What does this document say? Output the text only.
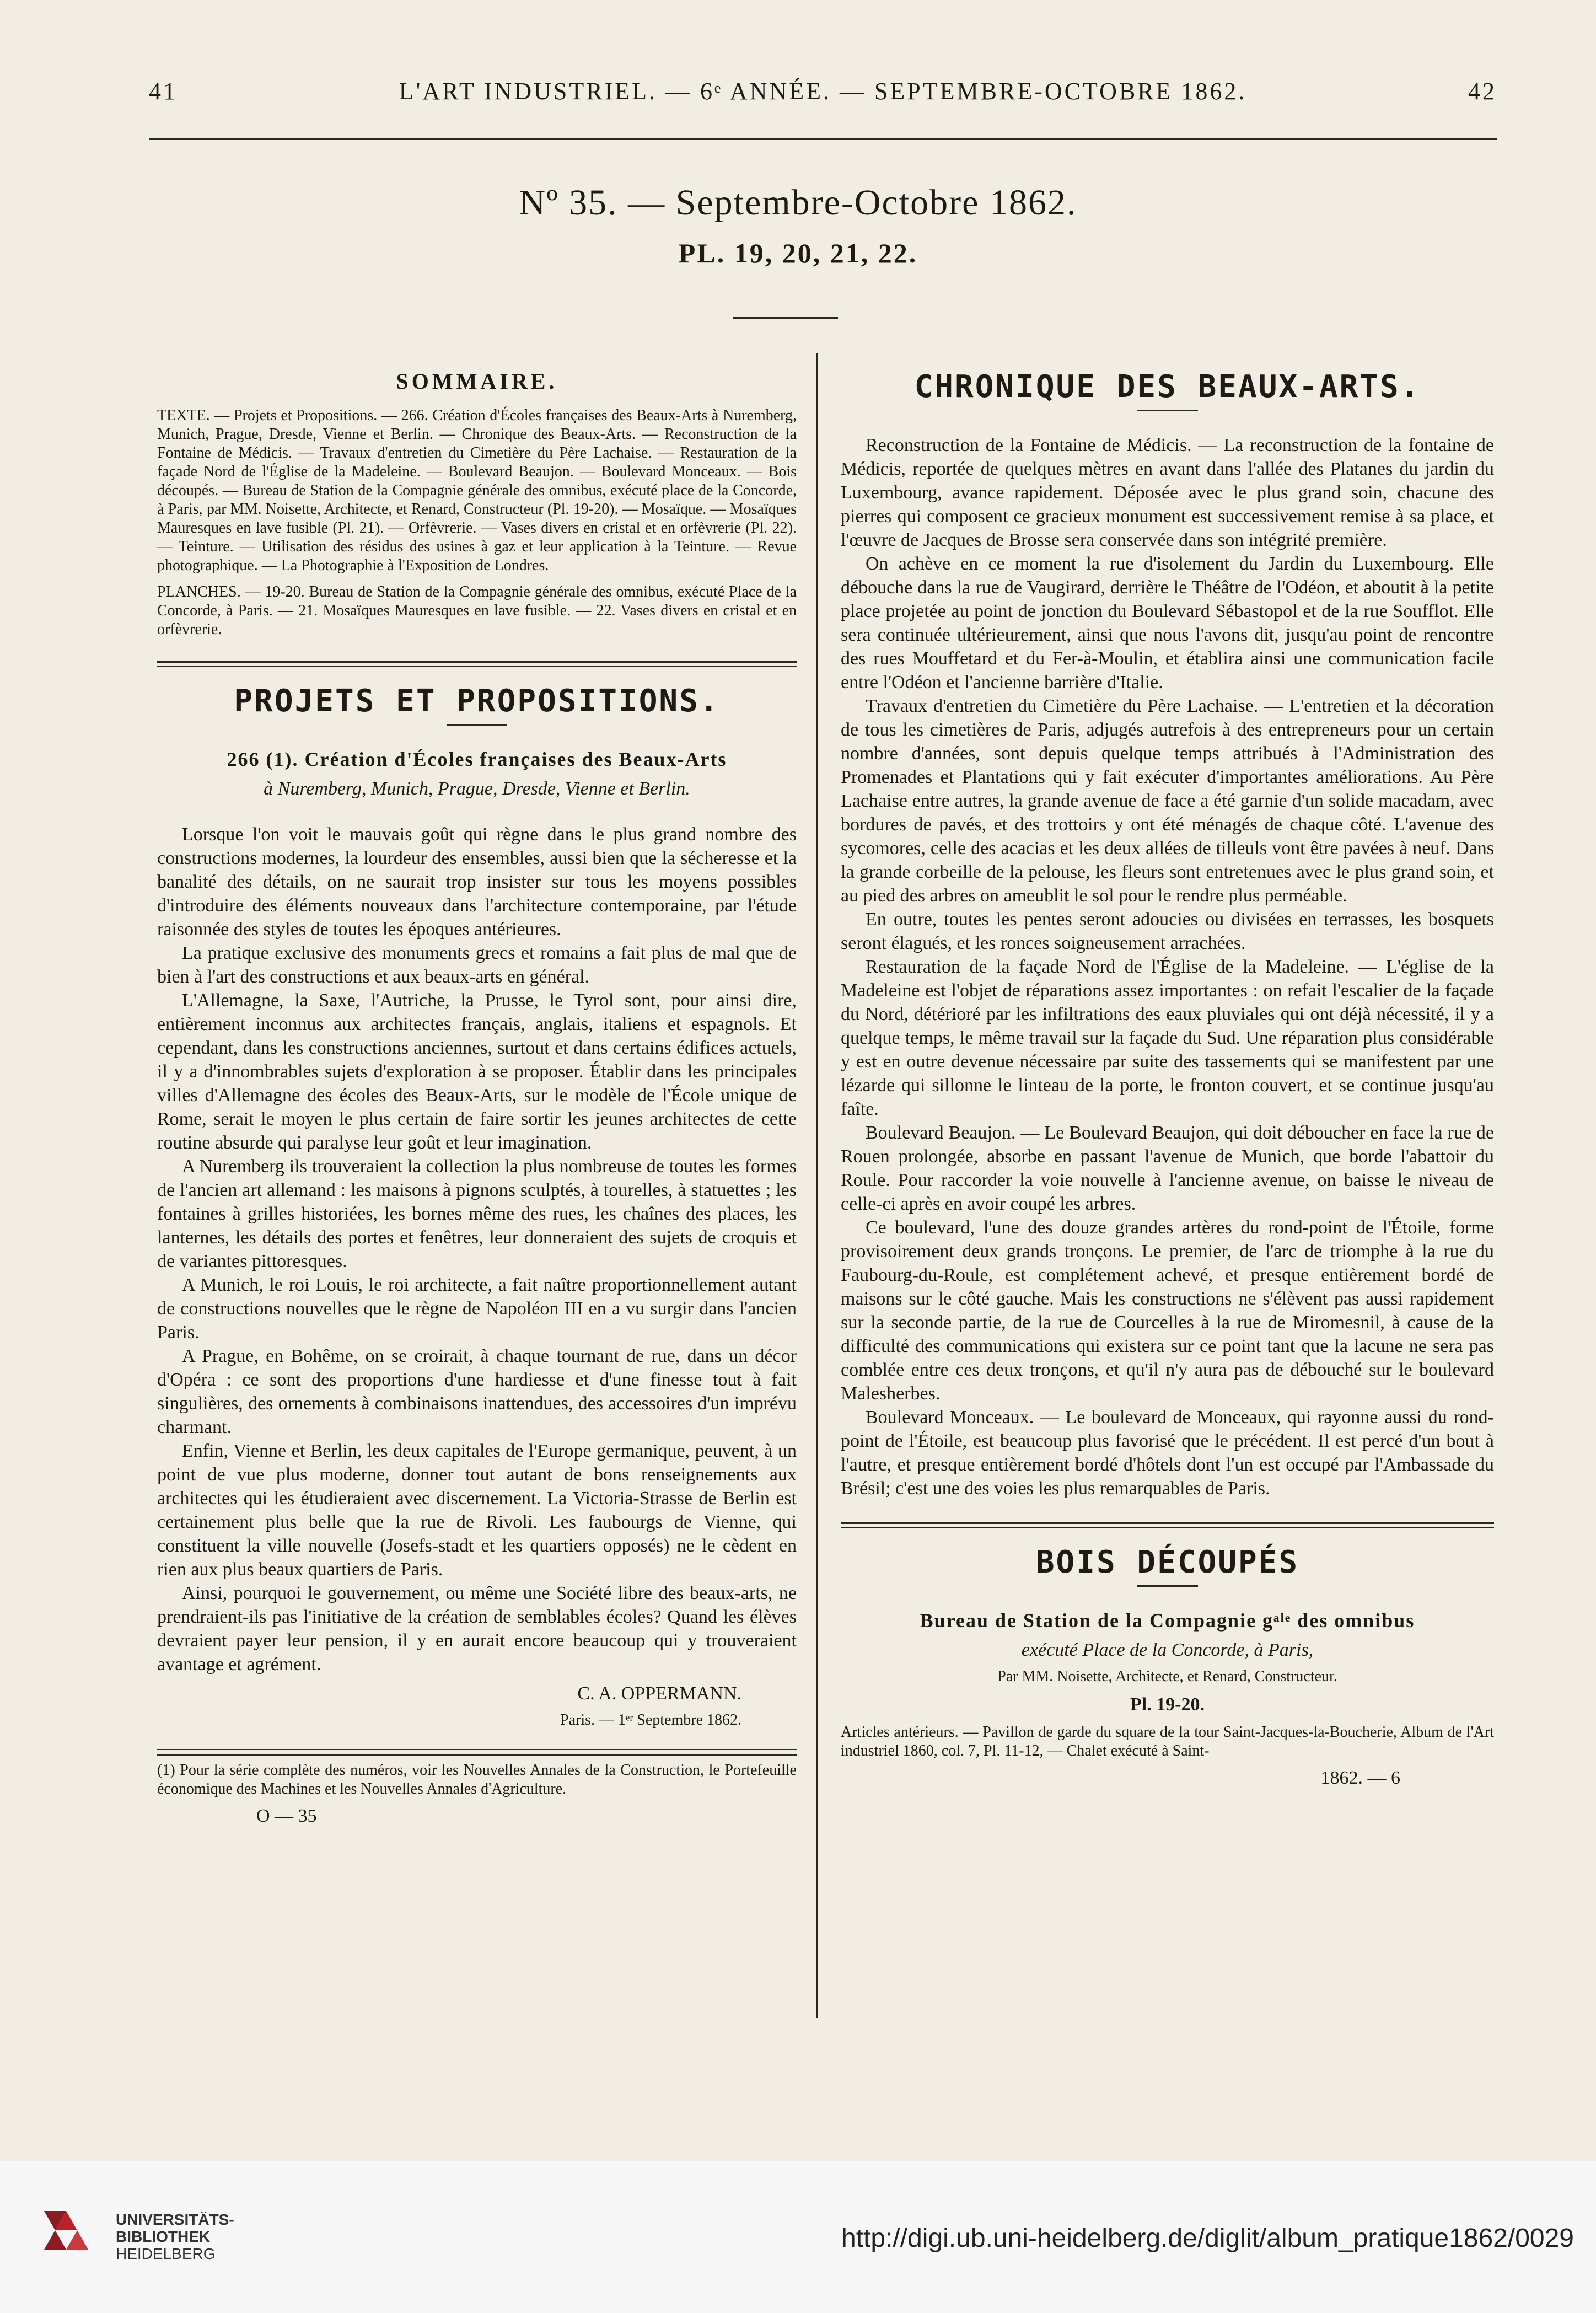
41	L'ART INDUSTRIEL. — 6ᵉ ANNÉE. — SEPTEMBRE-OCTOBRE 1862.	42
Nº 35. — Septembre-Octobre 1862.
PL. 19, 20, 21, 22.
SOMMAIRE.
TEXTE. — Projets et Propositions. — 266. Création d'Écoles françaises des Beaux-Arts à Nuremberg, Munich, Prague, Dresde, Vienne et Berlin. — Chronique des Beaux-Arts. — Reconstruction de la Fontaine de Médicis. — Travaux d'entretien du Cimetière du Père Lachaise. — Restauration de la façade Nord de l'Église de la Madeleine. — Boulevard Beaujon. — Boulevard Monceaux. — Bois découpés. — Bureau de Station de la Compagnie générale des omnibus, exécuté place de la Concorde, à Paris, par MM. Noisette, Architecte, et Renard, Constructeur (Pl. 19-20). — Mosaïque. — Mosaïques Mauresques en lave fusible (Pl. 21). — Orfèvrerie. — Vases divers en cristal et en orfèvrerie (Pl. 22). — Teinture. — Utilisation des résidus des usines à gaz et leur application à la Teinture. — Revue photographique. — La Photographie à l'Exposition de Londres.
PLANCHES. — 19-20. Bureau de Station de la Compagnie générale des omnibus, exécuté Place de la Concorde, à Paris. — 21. Mosaïques Mauresques en lave fusible. — 22. Vases divers en cristal et en orfèvrerie.
PROJETS ET PROPOSITIONS.
266 (1). Création d'Écoles françaises des Beaux-Arts
à Nuremberg, Munich, Prague, Dresde, Vienne et Berlin.

Lorsque l'on voit le mauvais goût qui règne dans le plus grand nombre des constructions modernes, la lourdeur des ensembles, aussi bien que la sécheresse et la banalité des détails, on ne saurait trop insister sur tous les moyens possibles d'introduire des éléments nouveaux dans l'architecture contemporaine, par l'étude raisonnée des styles de toutes les époques antérieures.

La pratique exclusive des monuments grecs et romains a fait plus de mal que de bien à l'art des constructions et aux beaux-arts en général.

L'Allemagne, la Saxe, l'Autriche, la Prusse, le Tyrol sont, pour ainsi dire, entièrement inconnus aux architectes français, anglais, italiens et espagnols. Et cependant, dans les constructions anciennes, surtout et dans certains édifices actuels, il y a d'innombrables sujets d'exploration à se proposer. Établir dans les principales villes d'Allemagne des écoles des Beaux-Arts, sur le modèle de l'École unique de Rome, serait le moyen le plus certain de faire sortir les jeunes architectes de cette routine absurde qui paralyse leur goût et leur imagination.

A Nuremberg ils trouveraient la collection la plus nombreuse de toutes les formes de l'ancien art allemand : les maisons à pignons sculptés, à tourelles, à statuettes ; les fontaines à grilles historiées, les bornes même des rues, les chaînes des places, les lanternes, les détails des portes et fenêtres, leur donneraient des sujets de croquis et de variantes pittoresques.

A Munich, le roi Louis, le roi architecte, a fait naître proportionnellement autant de constructions nouvelles que le règne de Napoléon III en a vu surgir dans l'ancien Paris.

A Prague, en Bohême, on se croirait, à chaque tournant de rue, dans un décor d'Opéra : ce sont des proportions d'une hardiesse et d'une finesse tout à fait singulières, des ornements à combinaisons inattendues, des accessoires d'un imprévu charmant.

Enfin, Vienne et Berlin, les deux capitales de l'Europe germanique, peuvent, à un point de vue plus moderne, donner tout autant de bons renseignements aux architectes qui les étudieraient avec discernement. La Victoria-Strasse de Berlin est certainement plus belle que la rue de Rivoli. Les faubourgs de Vienne, qui constituent la ville nouvelle (Josefs-stadt et les quartiers opposés) ne le cèdent en rien aux plus beaux quartiers de Paris.

Ainsi, pourquoi le gouvernement, ou même une Société libre des beaux-arts, ne prendraient-ils pas l'initiative de la création de semblables écoles? Quand les élèves devraient payer leur pension, il y en aurait encore beaucoup qui y trouveraient avantage et agrément.

C. A. OPPERMANN.
Paris. — 1ᵉʳ Septembre 1862.
(1) Pour la série complète des numéros, voir les Nouvelles Annales de la Construction, le Portefeuille économique des Machines et les Nouvelles Annales d'Agriculture.
O — 35
CHRONIQUE DES BEAUX-ARTS.

Reconstruction de la Fontaine de Médicis. — La reconstruction de la fontaine de Médicis, reportée de quelques mètres en avant dans l'allée des Platanes du jardin du Luxembourg, avance rapidement. Déposée avec le plus grand soin, chacune des pierres qui composent ce gracieux monument est successivement remise à sa place, et l'œuvre de Jacques de Brosse sera conservée dans son intégrité première.

On achève en ce moment la rue d'isolement du Jardin du Luxembourg. Elle débouche dans la rue de Vaugirard, derrière le Théâtre de l'Odéon, et aboutit à la petite place projetée au point de jonction du Boulevard Sébastopol et de la rue Soufflot. Elle sera continuée ultérieurement, ainsi que nous l'avons dit, jusqu'au point de rencontre des rues Mouffetard et du Fer-à-Moulin, et établira ainsi une communication facile entre l'Odéon et l'ancienne barrière d'Italie.

Travaux d'entretien du Cimetière du Père Lachaise. — L'entretien et la décoration de tous les cimetières de Paris, adjugés autrefois à des entrepreneurs pour un certain nombre d'années, sont depuis quelque temps attribués à l'Administration des Promenades et Plantations qui y fait exécuter d'importantes améliorations. Au Père Lachaise entre autres, la grande avenue de face a été garnie d'un solide macadam, avec bordures de pavés, et des trottoirs y ont été ménagés de chaque côté. L'avenue des sycomores, celle des acacias et les deux allées de tilleuls vont être pavées à neuf. Dans la grande corbeille de la pelouse, les fleurs sont entretenues avec le plus grand soin, et au pied des arbres on ameublit le sol pour le rendre plus perméable.

En outre, toutes les pentes seront adoucies ou divisées en terrasses, les bosquets seront élagués, et les ronces soigneusement arrachées.

Restauration de la façade Nord de l'Église de la Madeleine. — L'église de la Madeleine est l'objet de réparations assez importantes : on refait l'escalier de la façade du Nord, détérioré par les infiltrations des eaux pluviales qui ont déjà nécessité, il y a quelque temps, le même travail sur la façade du Sud. Une réparation plus considérable y est en outre devenue nécessaire par suite des tassements qui se manifestent par une lézarde qui sillonne le linteau de la porte, le fronton couvert, et se continue jusqu'au faîte.

Boulevard Beaujon. — Le Boulevard Beaujon, qui doit déboucher en face la rue de Rouen prolongée, absorbe en passant l'avenue de Munich, que borde l'abattoir du Roule. Pour raccorder la voie nouvelle à l'ancienne avenue, on baisse le niveau de celle-ci après en avoir coupé les arbres.

Ce boulevard, l'une des douze grandes artères du rond-point de l'Étoile, forme provisoirement deux grands tronçons. Le premier, de l'arc de triomphe à la rue du Faubourg-du-Roule, est complétement achevé, et presque entièrement bordé de maisons sur le côté gauche. Mais les constructions ne s'élèvent pas aussi rapidement sur la seconde partie, de la rue de Courcelles à la rue de Miromesnil, à cause de la difficulté des communications qui existera sur ce point tant que la lacune ne sera pas comblée entre ces deux tronçons, et qu'il n'y aura pas de débouché sur le boulevard Malesherbes.

Boulevard Monceaux. — Le boulevard de Monceaux, qui rayonne aussi du rond-point de l'Étoile, est beaucoup plus favorisé que le précédent. Il est percé d'un bout à l'autre, et presque entièrement bordé d'hôtels dont l'un est occupé par l'Ambassade du Brésil; c'est une des voies les plus remarquables de Paris.

BOIS DÉCOUPÉS
Bureau de Station de la Compagnie gᵃˡᵉ des omnibus
exécuté Place de la Concorde, à Paris,
Par MM. Noisette, Architecte, et Renard, Constructeur.
Pl. 19-20.
Articles antérieurs. — Pavillon de garde du square de la tour Saint-Jacques-la-Boucherie, Album de l'Art industriel 1860, col. 7, Pl. 11-12, — Chalet exécuté à Saint-
1862. — 6
UNIVERSITÄTS-
BIBLIOTHEK
HEIDELBERG
http://digi.ub.uni-heidelberg.de/diglit/album_pratique1862/0029
